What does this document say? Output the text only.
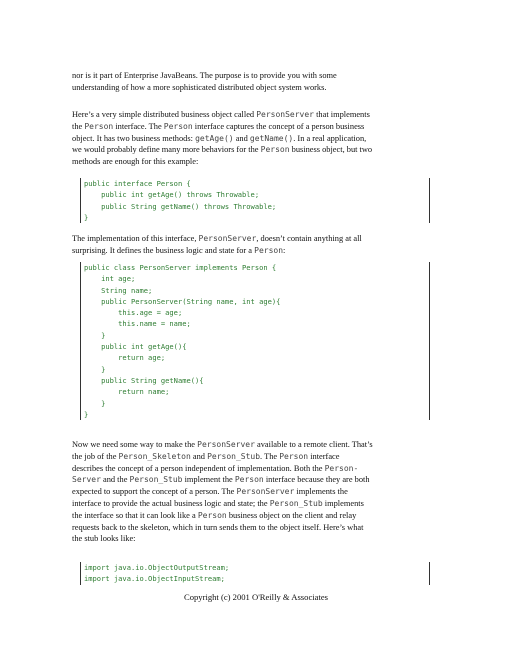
nor is it part of Enterprise JavaBeans. The purpose is to provide you with some
understanding of how a more sophisticated distributed object system works.
Here’s a very simple distributed business object called PersonServer that implements
the Person interface. The Person interface captures the concept of a person business
object. It has two business methods: getAge() and getName(). In a real application,
we would probably define many more behaviors for the Person business object, but two
methods are enough for this example:
public interface Person {
public int getAge() throws Throwable;
public String getName() throws Throwable;
}
The implementation of this interface, PersonServer, doesn’t contain anything at all
surprising. It defines the business logic and state for a Person:
public class PersonServer implements Person {
int age;
String name;
public PersonServer(String name, int age){
this.age = age;
this.name = name;
}
public int getAge(){
return age;
}
public String getName(){
return name;
}
}
Now we need some way to make the PersonServer available to a remote client. That’s
the job of the Person_Skeleton and Person_Stub. The Person interface
describes the concept of a person independent of implementation. Both the Person-
Server and the Person_Stub implement the Person interface because they are both
expected to support the concept of a person. The PersonServer implements the
interface to provide the actual business logic and state; the Person_Stub implements
the interface so that it can look like a Person business object on the client and relay
requests back to the skeleton, which in turn sends them to the object itself. Here’s what
the stub looks like:
import java.io.ObjectOutputStream;
import java.io.ObjectInputStream;
Copyright (c) 2001 O'Reilly & Associates
